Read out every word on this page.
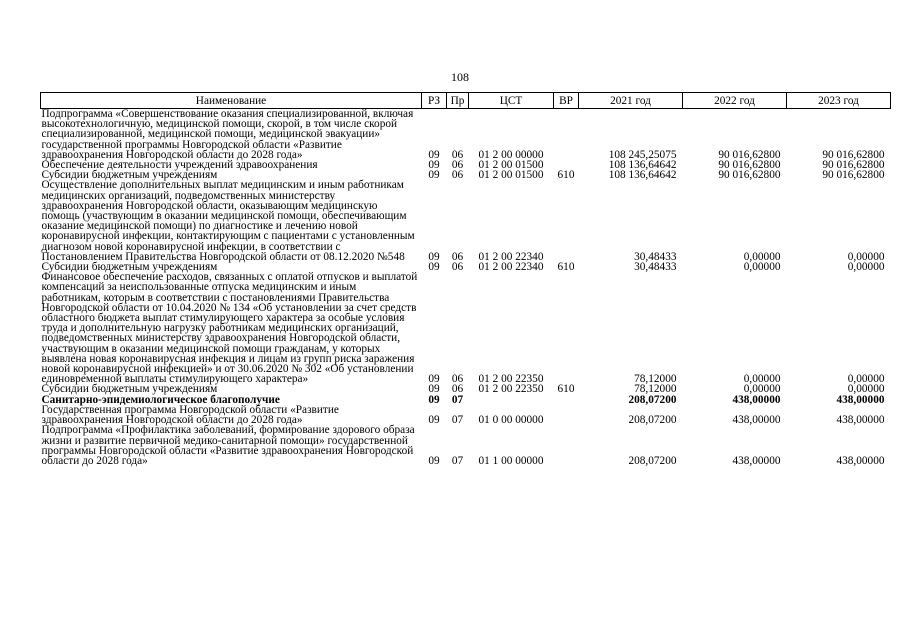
108
Наименование	РЗ	Пр	ЦСТ	ВР	2021 год	2022 год	2023 год
Подпрограмма «Совершенствование оказания специализированной, включая высокотехнологичную, медицинской помощи, скорой, в том числе скорой специализированной, медицинской помощи, медицинской эвакуации» государственной программы Новгородской области «Развитие здравоохранения Новгородской области до 2028 года»	09	06	01 2 00 00000		108 245,25075	90 016,62800	90 016,62800
Обеспечение деятельности учреждений здравоохранения	09	06	01 2 00 01500		108 136,64642	90 016,62800	90 016,62800
Субсидии бюджетным учреждениям	09	06	01 2 00 01500	610	108 136,64642	90 016,62800	90 016,62800
Осуществление дополнительных выплат медицинским и иным работникам медицинских организаций, подведомственных министерству здравоохранения Новгородской области, оказывающим медицинскую помощь (участвующим в оказании медицинской помощи, обеспечивающим оказание медицинской помощи) по диагностике и лечению новой коронавирусной инфекции, контактирующим с пациентами с установленным диагнозом новой коронавирусной инфекции, в соответствии с Постановлением Правительства Новгородской области от 08.12.2020 №548	09	06	01 2 00 22340		30,48433	0,00000	0,00000
Субсидии бюджетным учреждениям	09	06	01 2 00 22340	610	30,48433	0,00000	0,00000
Финансовое обеспечение расходов, связанных с оплатой отпусков и выплатой компенсаций за неиспользованные отпуска медицинским и иным работникам, которым в соответствии с постановлениями Правительства Новгородской области от 10.04.2020 № 134 «Об установлении за счет средств областного бюджета выплат стимулирующего характера за особые условия труда и дополнительную нагрузку работникам медицинских организаций, подведомственных министерству здравоохранения Новгородской области, участвующим в оказании медицинской помощи гражданам, у которых выявлена новая коронавирусная инфекция и лицам из групп риска заражения новой коронавирусной инфекцией» и от 30.06.2020 № 302 «Об установлении единовременной выплаты стимулирующего характера»	09	06	01 2 00 22350		78,12000	0,00000	0,00000
Субсидии бюджетным учреждениям	09	06	01 2 00 22350	610	78,12000	0,00000	0,00000
Санитарно-эпидемиологическое благополучие	09	07			208,07200	438,00000	438,00000
Государственная программа Новгородской области «Развитие здравоохранения Новгородской области до 2028 года»	09	07	01 0 00 00000		208,07200	438,00000	438,00000
Подпрограмма «Профилактика заболеваний, формирование здорового образа жизни и развитие первичной медико-санитарной помощи» государственной программы Новгородской области «Развитие здравоохранения Новгородской области до 2028 года»	09	07	01 1 00 00000		208,07200	438,00000	438,00000
